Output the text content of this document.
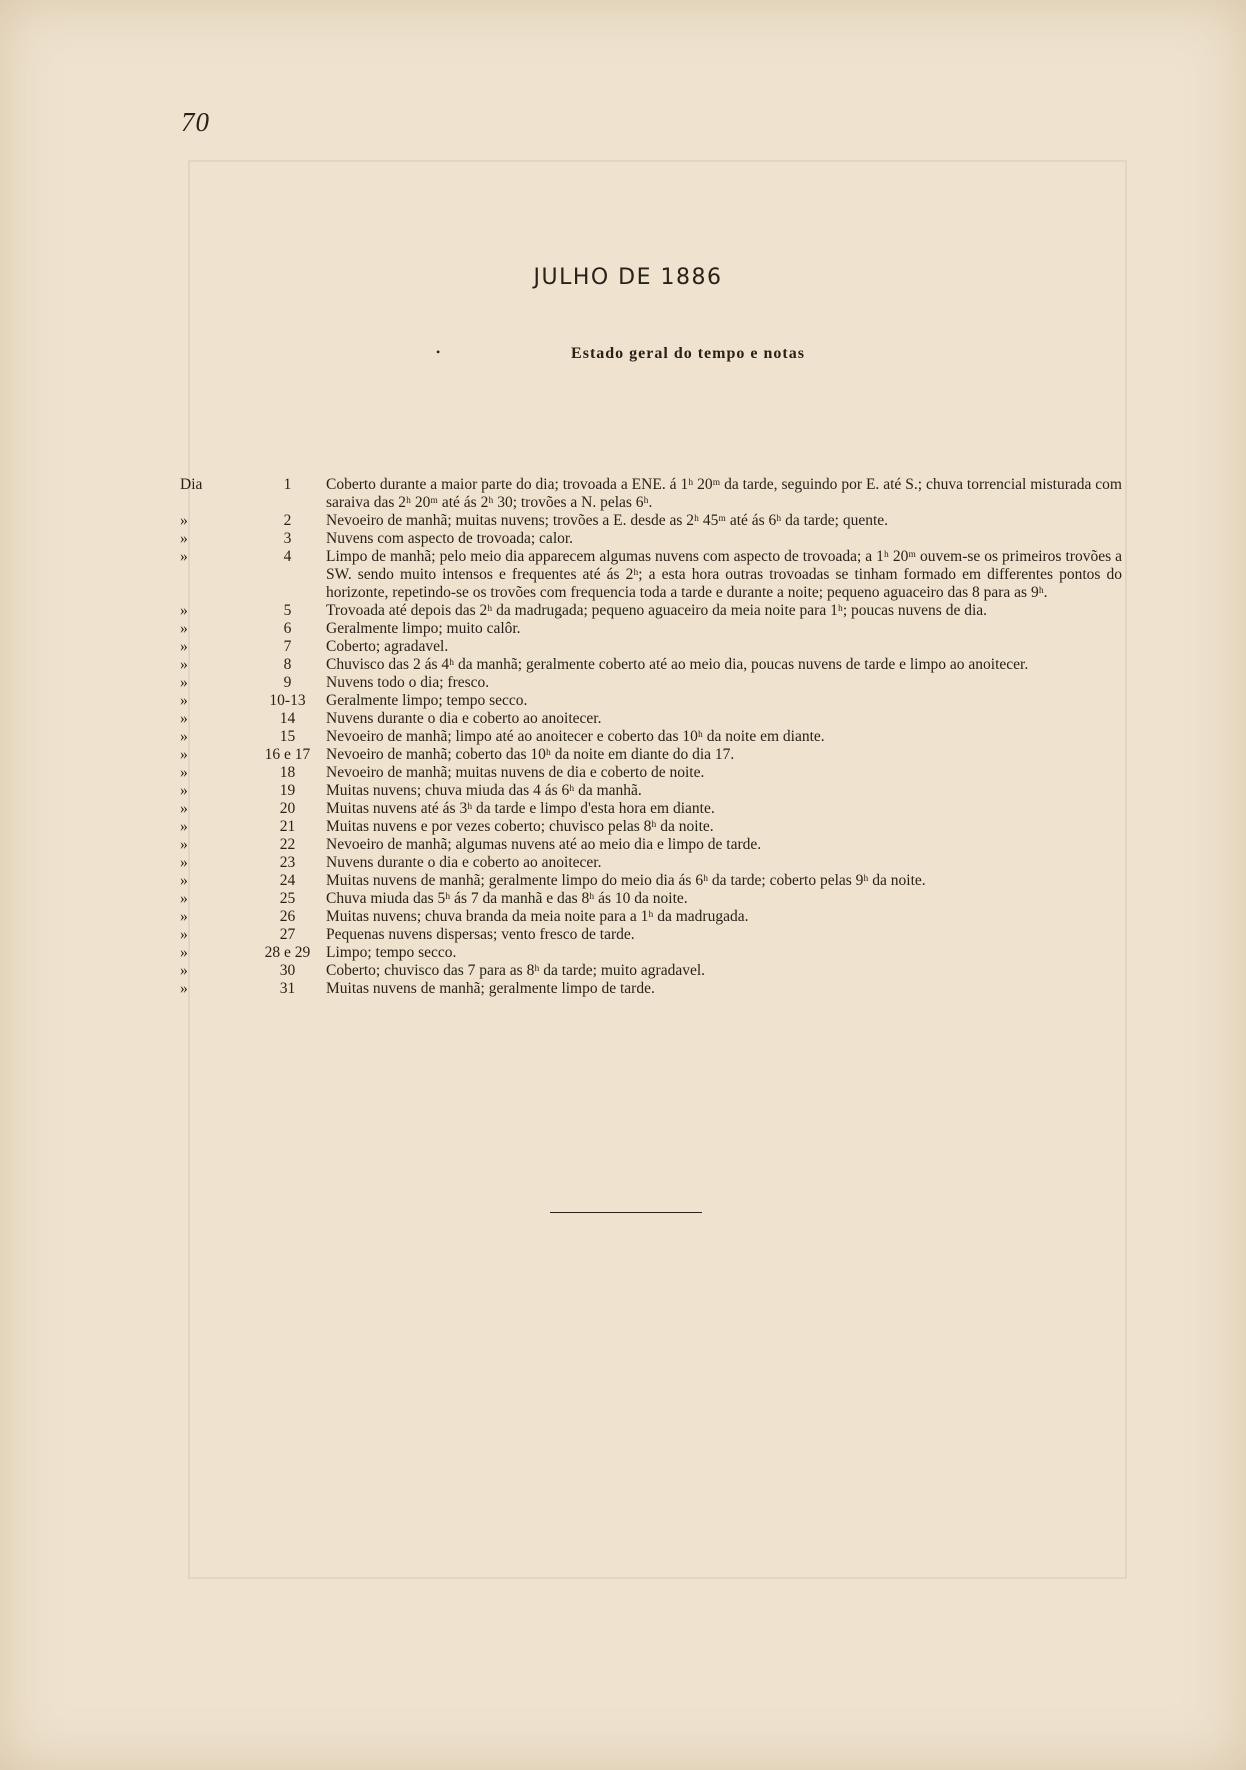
70
JULHO DE 1886
•	Estado geral do tempo e notas
Dia	1	Coberto durante a maior parte do dia; trovoada a ENE. á 1ʰ 20ᵐ da tarde, seguindo por E. até S.; chuva torrencial misturada com saraiva das 2ʰ 20ᵐ até ás 2ʰ 30; trovões a N. pelas 6ʰ.
»	2	Nevoeiro de manhã; muitas nuvens; trovões a E. desde as 2ʰ 45ᵐ até ás 6ʰ da tarde; quente.
»	3	Nuvens com aspecto de trovoada; calor.
»	4	Limpo de manhã; pelo meio dia apparecem algumas nuvens com aspecto de trovoada; a 1ʰ 20ᵐ ouvem-se os primeiros trovões a SW. sendo muito intensos e frequentes até ás 2ʰ; a esta hora outras trovoadas se tinham formado em differentes pontos do horizonte, repetindo-se os trovões com frequencia toda a tarde e durante a noite; pequeno aguaceiro das 8 para as 9ʰ.
»	5	Trovoada até depois das 2ʰ da madrugada; pequeno aguaceiro da meia noite para 1ʰ; poucas nuvens de dia.
»	6	Geralmente limpo; muito calôr.
»	7	Coberto; agradavel.
»	8	Chuvisco das 2 ás 4ʰ da manhã; geralmente coberto até ao meio dia, poucas nuvens de tarde e limpo ao anoitecer.
»	9	Nuvens todo o dia; fresco.
»	10-13	Geralmente limpo; tempo secco.
»	14	Nuvens durante o dia e coberto ao anoitecer.
»	15	Nevoeiro de manhã; limpo até ao anoitecer e coberto das 10ʰ da noite em diante.
»	16 e 17	Nevoeiro de manhã; coberto das 10ʰ da noite em diante do dia 17.
»	18	Nevoeiro de manhã; muitas nuvens de dia e coberto de noite.
»	19	Muitas nuvens; chuva miuda das 4 ás 6ʰ da manhã.
»	20	Muitas nuvens até ás 3ʰ da tarde e limpo d'esta hora em diante.
»	21	Muitas nuvens e por vezes coberto; chuvisco pelas 8ʰ da noite.
»	22	Nevoeiro de manhã; algumas nuvens até ao meio dia e limpo de tarde.
»	23	Nuvens durante o dia e coberto ao anoitecer.
»	24	Muitas nuvens de manhã; geralmente limpo do meio dia ás 6ʰ da tarde; coberto pelas 9ʰ da noite.
»	25	Chuva miuda das 5ʰ ás 7 da manhã e das 8ʰ ás 10 da noite.
»	26	Muitas nuvens; chuva branda da meia noite para a 1ʰ da madrugada.
»	27	Pequenas nuvens dispersas; vento fresco de tarde.
»	28 e 29	Limpo; tempo secco.
»	30	Coberto; chuvisco das 7 para as 8ʰ da tarde; muito agradavel.
»	31	Muitas nuvens de manhã; geralmente limpo de tarde.
